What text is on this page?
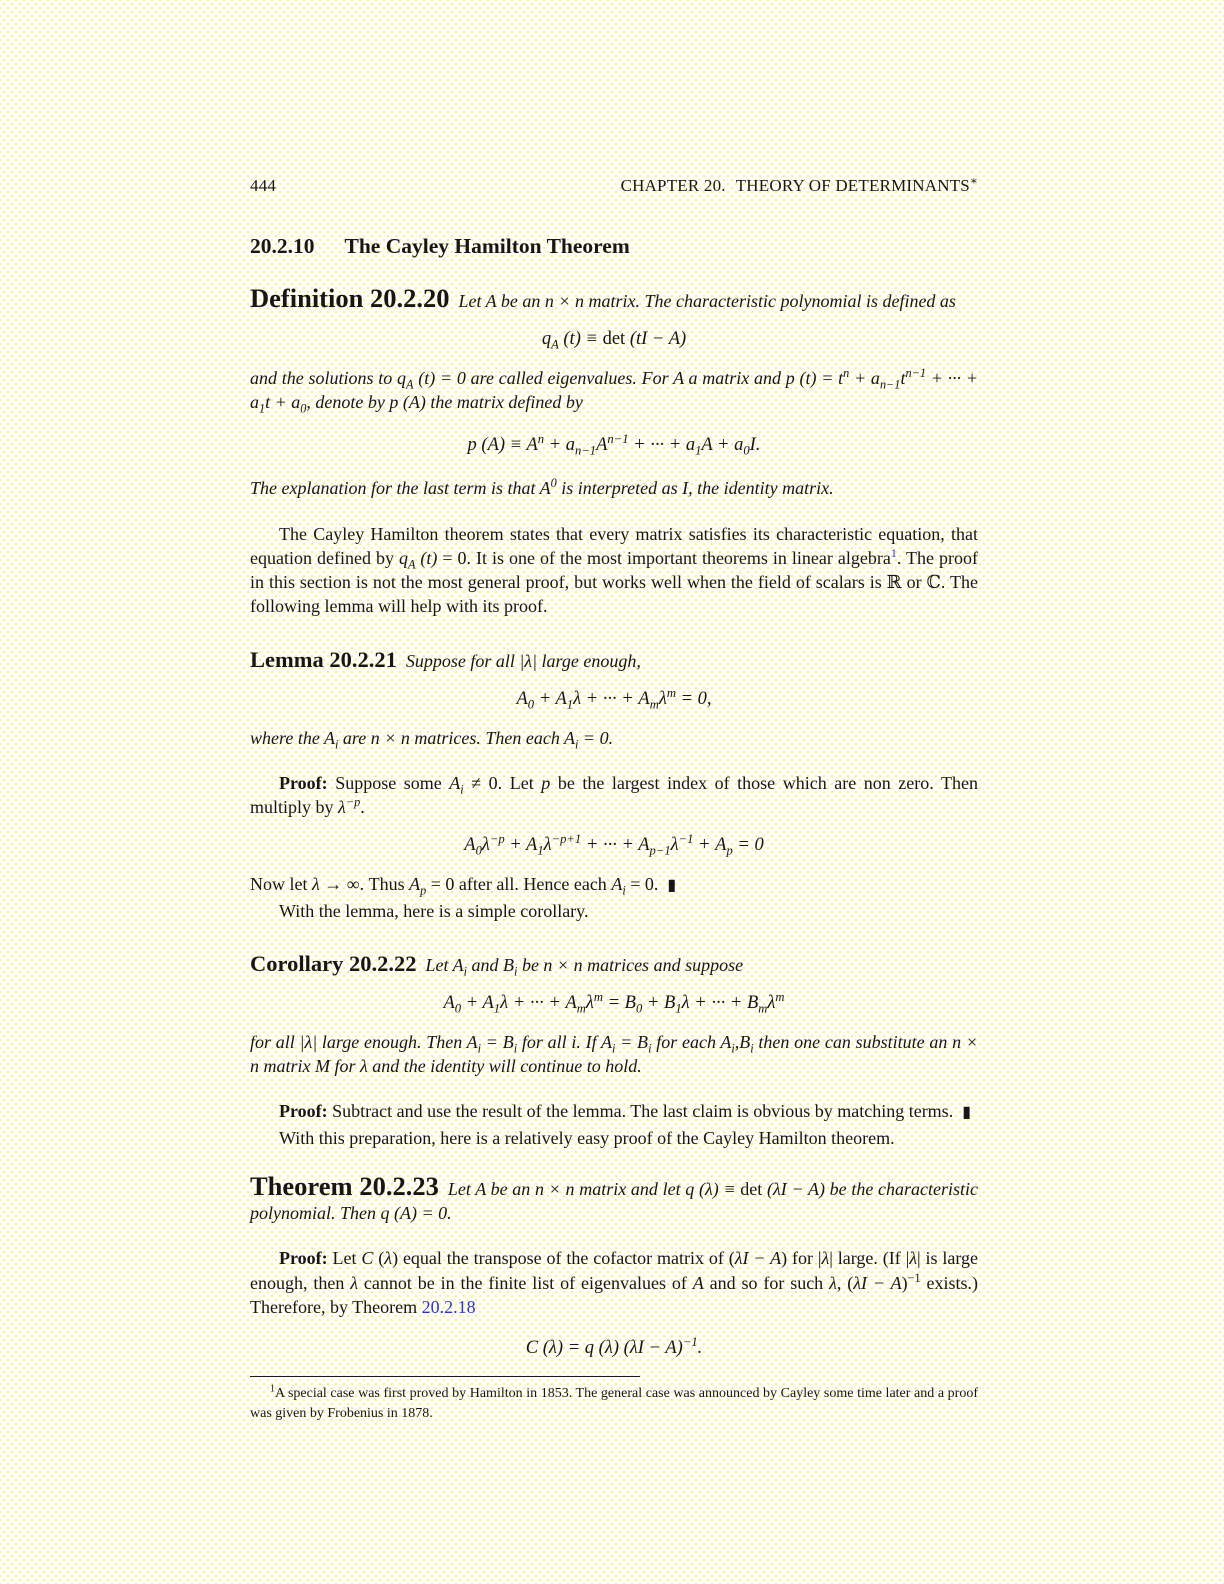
444	CHAPTER 20. THEORY OF DETERMINANTS∗
20.2.10 The Cayley Hamilton Theorem
Definition 20.2.20 Let A be an n × n matrix. The characteristic polynomial is defined as
$q_A$ (t) ≡ det (tI − A)

and the solutions to $q_A$ (t) = 0 are called eigenvalues. For A a matrix and p $(t) = t^n + a_{n-1}t^{n-1}$ + ··· + $a_1t + a_0$, denote by p (A) the matrix defined by

p $(A) \equiv A^n + a_{n-1}A^{n-1}$ + ··· + $a_1A + a_0I$.

The explanation for the last term is that $A^0$ is interpreted as I, the identity matrix.

The Cayley Hamilton theorem states that every matrix satisfies its characteristic equation, that equation defined by $q_A$ (t) = 0. It is one of the most important theorems in linear algebra$^1$. The proof in this section is not the most general proof, but works well when the field of scalars is ℝ or ℂ. The following lemma will help with its proof.

Lemma 20.2.21 Suppose for all |λ| large enough,
$A_0 + A_1\lambda$ + ··· + $A_m\lambda^m = 0$,

where the $A_i$ are n × n matrices. Then each $A_i = 0$.

Proof: Suppose some $A_i \ne 0$. Let p be the largest index of those which are non zero. Then multiply by $\lambda^{-p}$.

$A_0\lambda^{-p} + A_1\lambda^{-p+1}$ + ··· + $A_{p-1}\lambda^{-1} + A_p = 0$

Now let λ → ∞. Thus $A_p = 0$ after all. Hence each $A_i = 0$. ▮

With the lemma, here is a simple corollary.

Corollary 20.2.22 Let $A_i$ and $B_i$ be n × n matrices and suppose
$A_0 + A_1\lambda$ + ··· + $A_m\lambda^m = B_0 + B_1\lambda$ + ··· + $B_m\lambda^m$

for all |λ| large enough. Then $A_i = B_i$ for all i. If $A_i = B_i$ for each $A_i,B_i$ then one can substitute an n × n matrix M for λ and the identity will continue to hold.

Proof: Subtract and use the result of the lemma. The last claim is obvious by matching terms. ▮

With this preparation, here is a relatively easy proof of the Cayley Hamilton theorem.

Theorem 20.2.23 Let A be an n × n matrix and let q (λ) ≡ det (λI − A) be the characteristic polynomial. Then q (A) = 0.

Proof: Let C (λ) equal the transpose of the cofactor matrix of (λI − A) for |λ| large. (If |λ| is large enough, then λ cannot be in the finite list of eigenvalues of A and so for such λ, $(\lambda I - A)^{-1}$ exists.) Therefore, by Theorem 20.2.18

C (λ) = q (λ) $(\lambda I - A)^{-1}$.

$^1$A special case was first proved by Hamilton in 1853. The general case was announced by Cayley some time later and a proof was given by Frobenius in 1878.
